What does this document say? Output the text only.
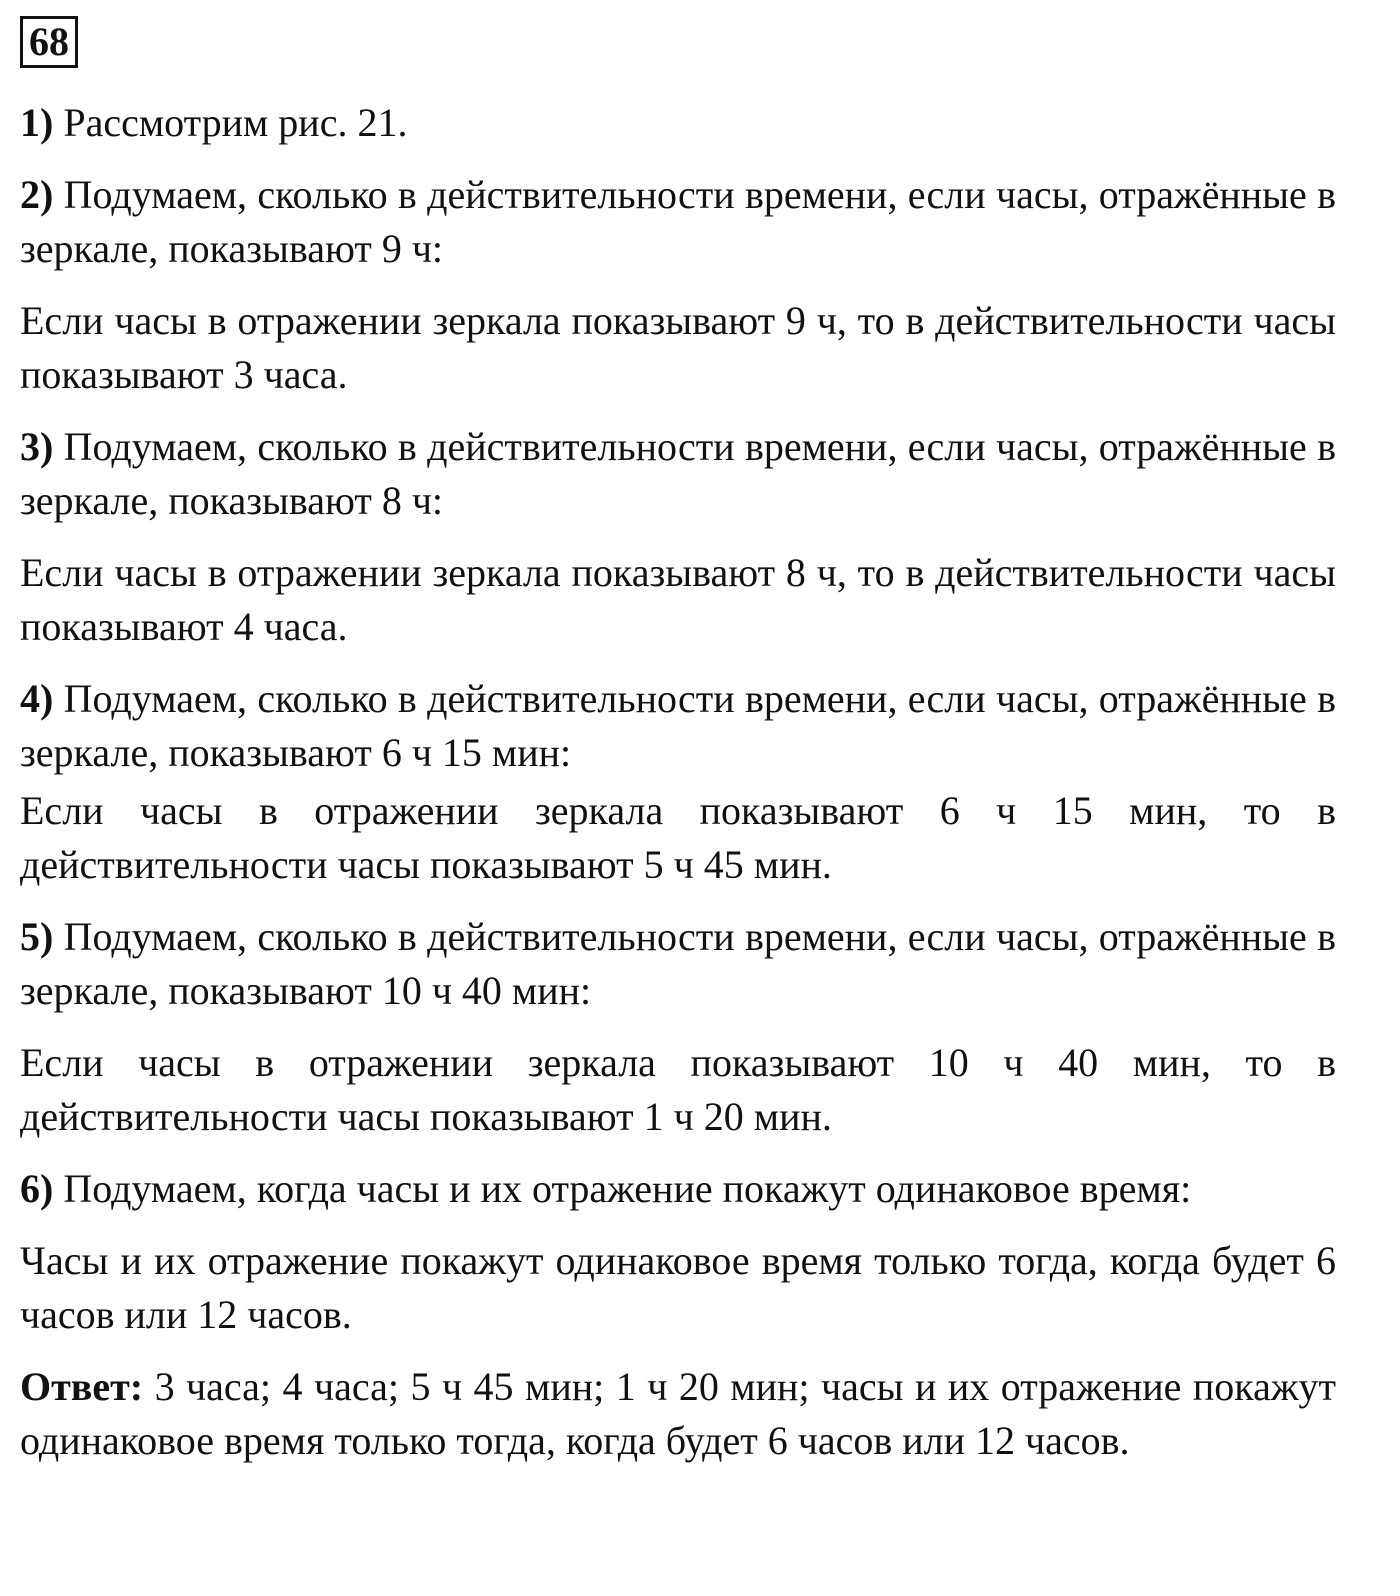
68

1) Рассмотрим рис. 21.

2) Подумаем, сколько в действительности времени, если часы, отражённые в зеркале, показывают 9 ч:

Если часы в отражении зеркала показывают 9 ч, то в действительности часы показывают 3 часа.

3) Подумаем, сколько в действительности времени, если часы, отражённые в зеркале, показывают 8 ч:

Если часы в отражении зеркала показывают 8 ч, то в действительности часы показывают 4 часа.

4) Подумаем, сколько в действительности времени, если часы, отражённые в зеркале, показывают 6 ч 15 мин:

Если часы в отражении зеркала показывают 6 ч 15 мин, то в действительности часы показывают 5 ч 45 мин.

5) Подумаем, сколько в действительности времени, если часы, отражённые в зеркале, показывают 10 ч 40 мин:

Если часы в отражении зеркала показывают 10 ч 40 мин, то в действительности часы показывают 1 ч 20 мин.

6) Подумаем, когда часы и их отражение покажут одинаковое время:

Часы и их отражение покажут одинаковое время только тогда, когда будет 6 часов или 12 часов.

Ответ: 3 часа; 4 часа; 5 ч 45 мин; 1 ч 20 мин; часы и их отражение покажут одинаковое время только тогда, когда будет 6 часов или 12 часов.
